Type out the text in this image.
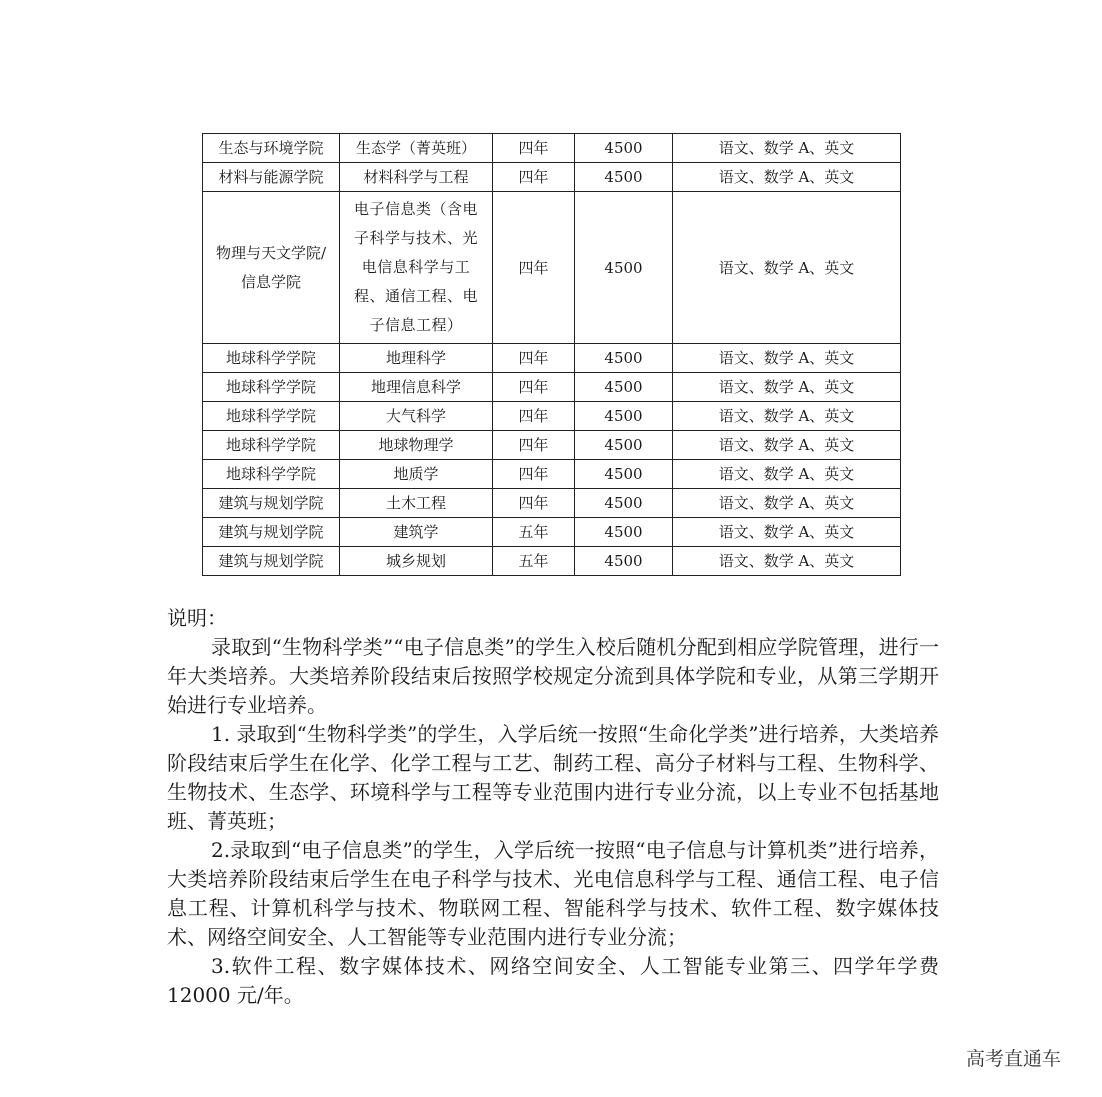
生态与环境学院	生态学（菁英班）	四年	4500	语文、数学 A、英文
材料与能源学院	材料科学与工程	四年	4500	语文、数学 A、英文
物理与天文学院/信息学院	电子信息类（含电子科学与技术、光电信息科学与工程、通信工程、电子信息工程）	四年	4500	语文、数学 A、英文
地球科学学院	地理科学	四年	4500	语文、数学 A、英文
地球科学学院	地理信息科学	四年	4500	语文、数学 A、英文
地球科学学院	大气科学	四年	4500	语文、数学 A、英文
地球科学学院	地球物理学	四年	4500	语文、数学 A、英文
地球科学学院	地质学	四年	4500	语文、数学 A、英文
建筑与规划学院	土木工程	四年	4500	语文、数学 A、英文
建筑与规划学院	建筑学	五年	4500	语文、数学 A、英文
建筑与规划学院	城乡规划	五年	4500	语文、数学 A、英文

说明：

录取到“生物科学类”“电子信息类”的学生入校后随机分配到相应学院管理，进行一年大类培养。大类培养阶段结束后按照学校规定分流到具体学院和专业，从第三学期开始进行专业培养。

1. 录取到“生物科学类”的学生，入学后统一按照“生命化学类”进行培养，大类培养阶段结束后学生在化学、化学工程与工艺、制药工程、高分子材料与工程、生物科学、生物技术、生态学、环境科学与工程等专业范围内进行专业分流，以上专业不包括基地班、菁英班；

2.录取到“电子信息类”的学生，入学后统一按照“电子信息与计算机类”进行培养，大类培养阶段结束后学生在电子科学与技术、光电信息科学与工程、通信工程、电子信息工程、计算机科学与技术、物联网工程、智能科学与技术、软件工程、数字媒体技术、网络空间安全、人工智能等专业范围内进行专业分流；

3.软件工程、数字媒体技术、网络空间安全、人工智能专业第三、四学年学费 12000 元/年。

高考直通车
